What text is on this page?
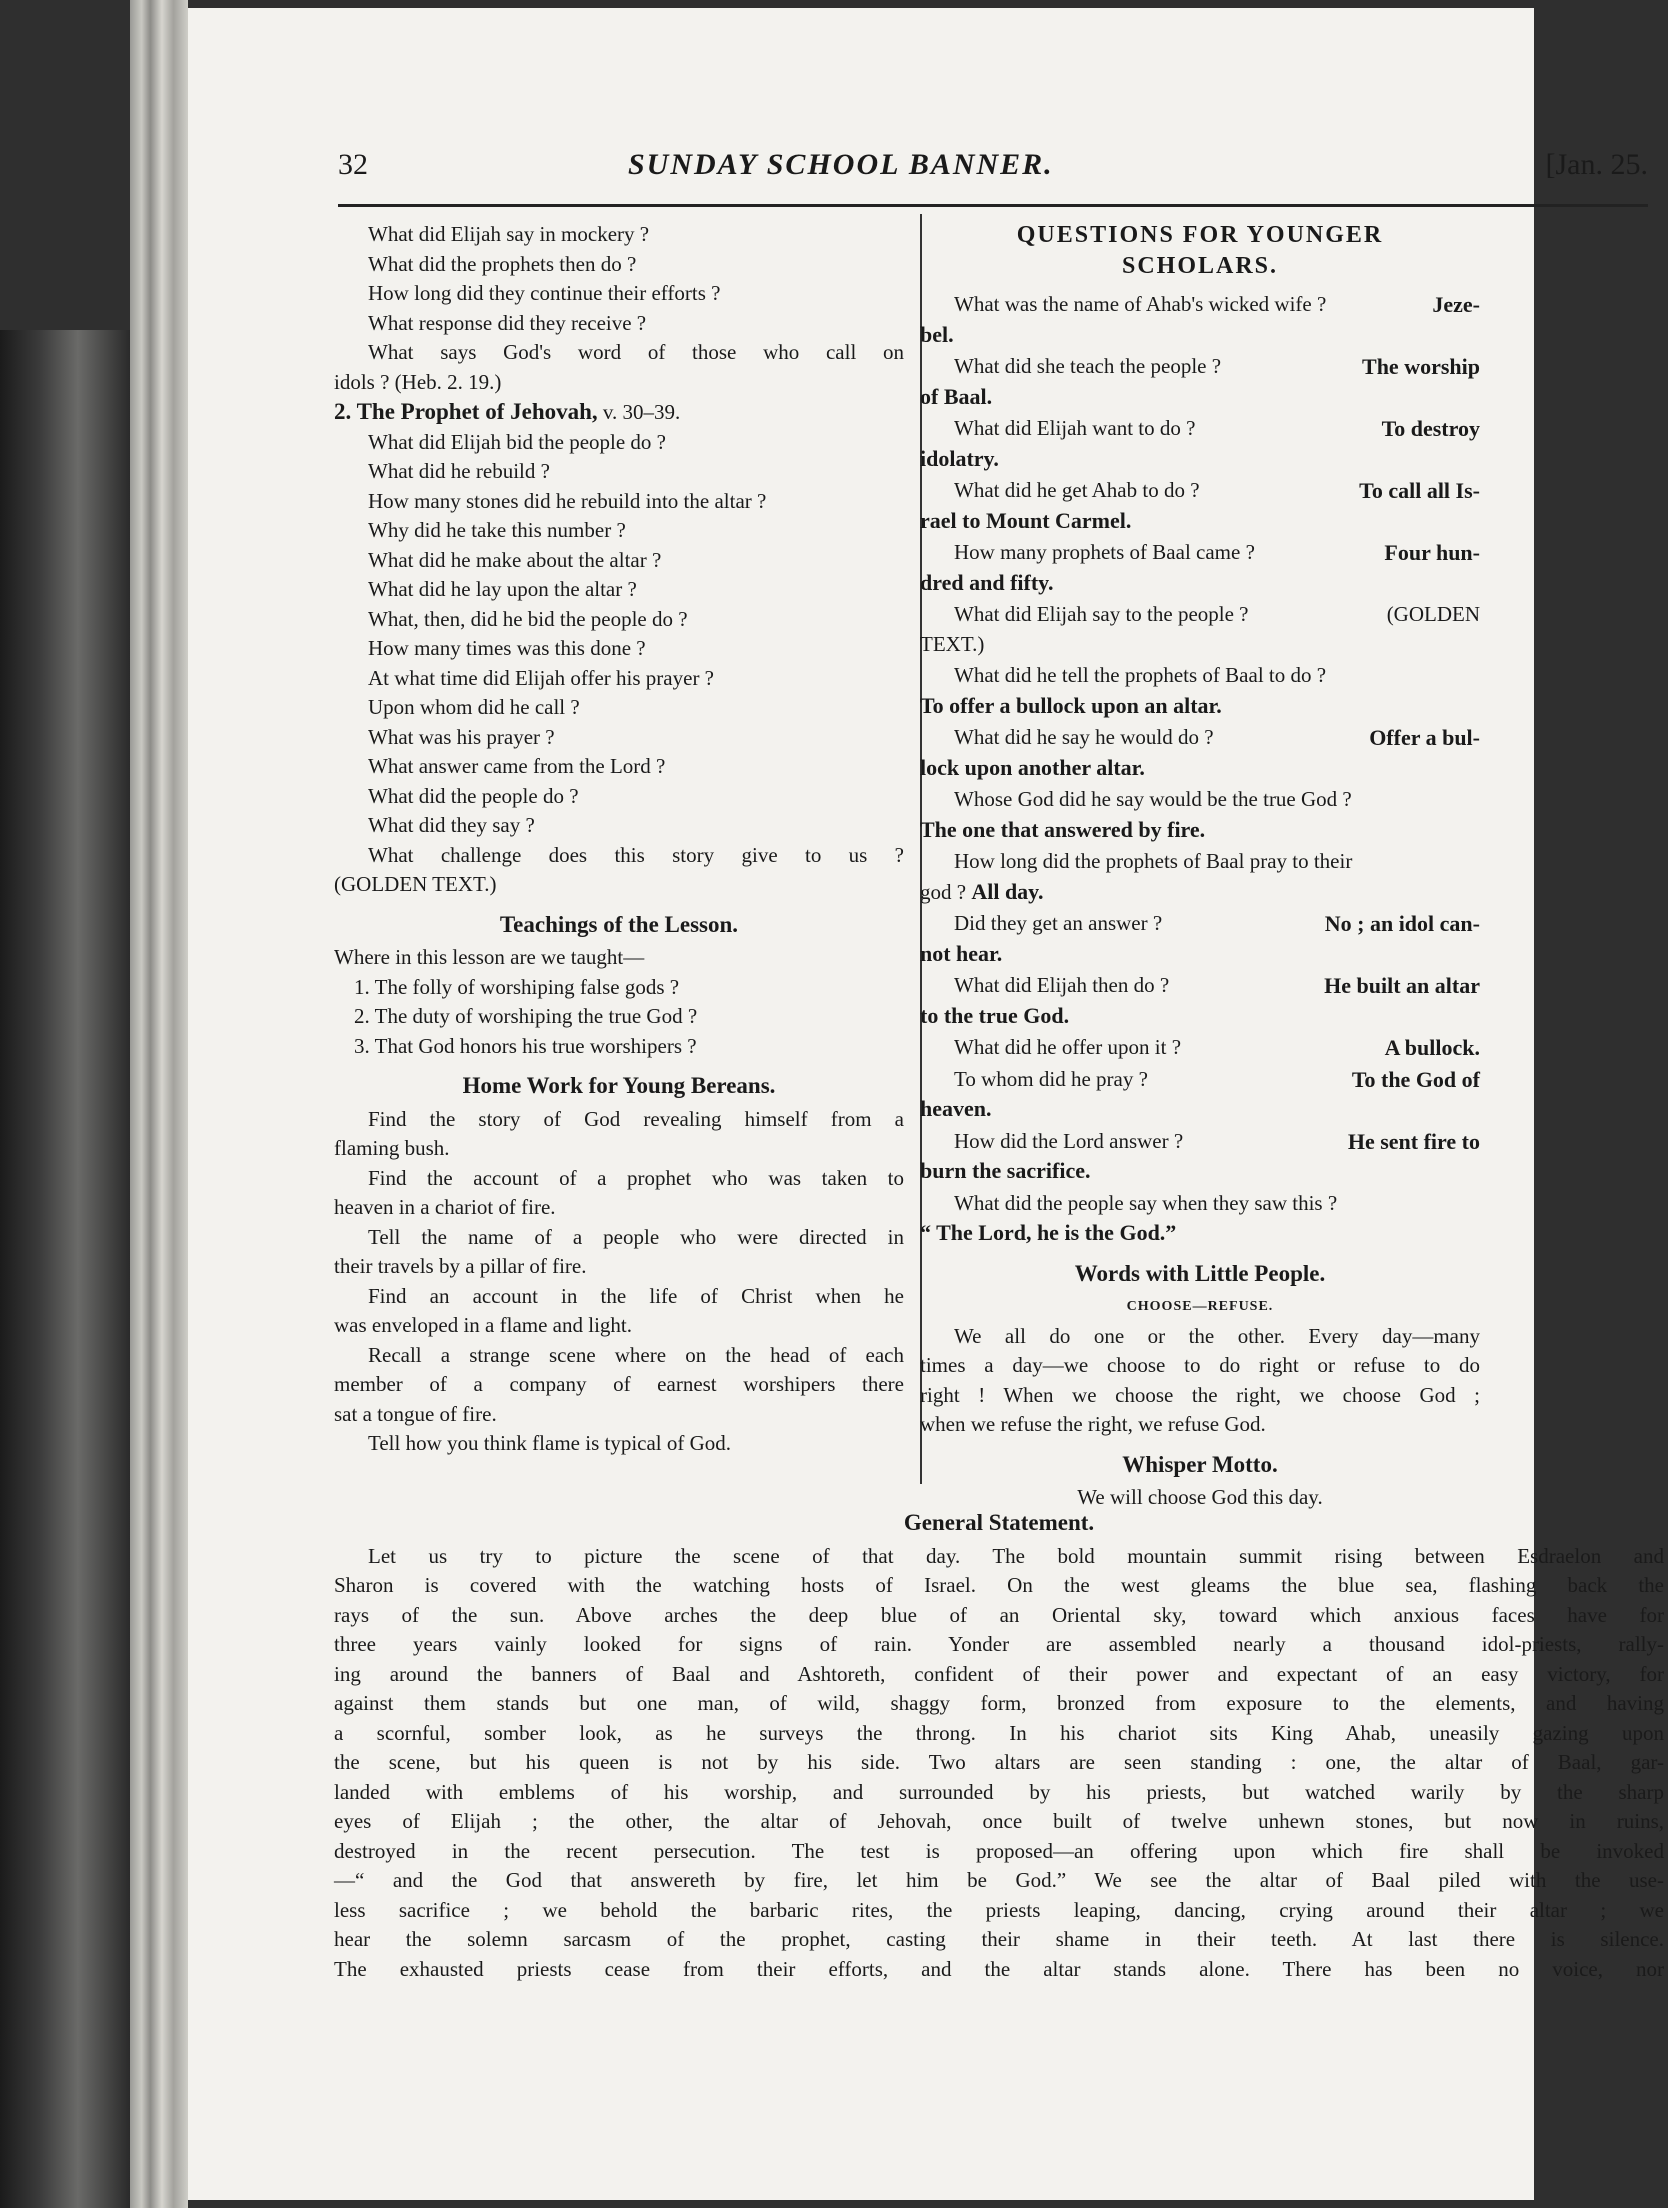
32	SUNDAY SCHOOL BANNER.	[Jan. 25.
What did Elijah say in mockery ?
What did the prophets then do ?
How long did they continue their efforts ?
What response did they receive ?
What says God's word of those who call on
idols ? (Heb. 2. 19.)
2. The Prophet of Jehovah, v. 30–39.
What did Elijah bid the people do ?
What did he rebuild ?
How many stones did he rebuild into the altar ?
Why did he take this number ?
What did he make about the altar ?
What did he lay upon the altar ?
What, then, did he bid the people do ?
How many times was this done ?
At what time did Elijah offer his prayer ?
Upon whom did he call ?
What was his prayer ?
What answer came from the Lord ?
What did the people do ?
What did they say ?
What challenge does this story give to us ?
(GOLDEN TEXT.)
Teachings of the Lesson.
Where in this lesson are we taught—
1. The folly of worshiping false gods ?
2. The duty of worshiping the true God ?
3. That God honors his true worshipers ?
Home Work for Young Bereans.
Find the story of God revealing himself from a
flaming bush.
Find the account of a prophet who was taken to
heaven in a chariot of fire.
Tell the name of a people who were directed in
their travels by a pillar of fire.
Find an account in the life of Christ when he
was enveloped in a flame and light.
Recall a strange scene where on the head of each
member of a company of earnest worshipers there
sat a tongue of fire.
Tell how you think flame is typical of God.
QUESTIONS FOR YOUNGER
SCHOLARS.
What was the name of Ahab's wicked wife ?	Jeze-
bel.
What did she teach the people ?	The worship
of Baal.
What did Elijah want to do ?	To destroy
idolatry.
What did he get Ahab to do ?	To call all Is-
rael to Mount Carmel.
How many prophets of Baal came ?	Four hun-
dred and fifty.
What did Elijah say to the people ?	(GOLDEN
TEXT.)
What did he tell the prophets of Baal to do ?
To offer a bullock upon an altar.
What did he say he would do ?	Offer a bul-
lock upon another altar.
Whose God did he say would be the true God ?
The one that answered by fire.
How long did the prophets of Baal pray to their
god ? All day.
Did they get an answer ?	No ; an idol can-
not hear.
What did Elijah then do ?	He built an altar
to the true God.
What did he offer upon it ?	A bullock.
To whom did he pray ?	To the God of
heaven.
How did the Lord answer ?	He sent fire to
burn the sacrifice.
What did the people say when they saw this ?
“ The Lord, he is the God.”
Words with Little People.
CHOOSE—REFUSE.
We all do one or the other. Every day—many
times a day—we choose to do right or refuse to do
right ! When we choose the right, we choose God ;
when we refuse the right, we refuse God.
Whisper Motto.
We will choose God this day.
General Statement.
Let us try to picture the scene of that day. The bold mountain summit rising between Esdraelon and
Sharon is covered with the watching hosts of Israel. On the west gleams the blue sea, flashing back the
rays of the sun. Above arches the deep blue of an Oriental sky, toward which anxious faces have for
three years vainly looked for signs of rain. Yonder are assembled nearly a thousand idol-priests, rally-
ing around the banners of Baal and Ashtoreth, confident of their power and expectant of an easy victory, for
against them stands but one man, of wild, shaggy form, bronzed from exposure to the elements, and having
a scornful, somber look, as he surveys the throng. In his chariot sits King Ahab, uneasily gazing upon
the scene, but his queen is not by his side. Two altars are seen standing : one, the altar of Baal, gar-
landed with emblems of his worship, and surrounded by his priests, but watched warily by the sharp
eyes of Elijah ; the other, the altar of Jehovah, once built of twelve unhewn stones, but now in ruins,
destroyed in the recent persecution. The test is proposed—an offering upon which fire shall be invoked
—“ and the God that answereth by fire, let him be God.” We see the altar of Baal piled with the use-
less sacrifice ; we behold the barbaric rites, the priests leaping, dancing, crying around their altar ; we
hear the solemn sarcasm of the prophet, casting their shame in their teeth. At last there is silence.
The exhausted priests cease from their efforts, and the altar stands alone. There has been no voice, nor
